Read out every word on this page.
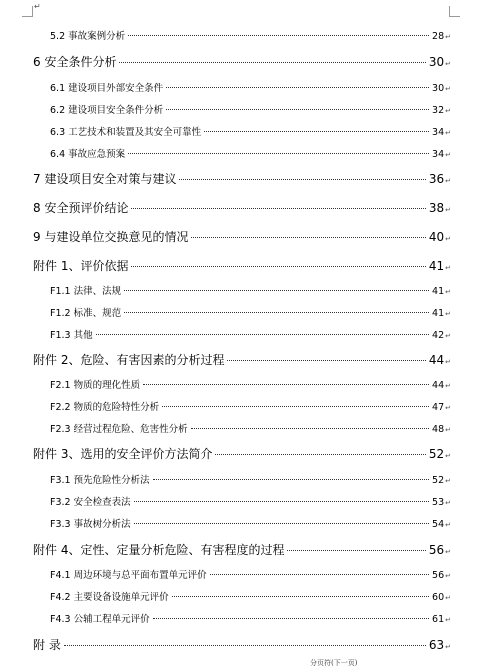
↵
5.2 事故案例分析	28 ↵
6 安全条件分析	30 ↵
6.1 建设项目外部安全条件	30 ↵
6.2 建设项目安全条件分析	32 ↵
6.3 工艺技术和装置及其安全可靠性	34 ↵
6.4 事故应急预案	34 ↵
7 建设项目安全对策与建议	36 ↵
8 安全预评价结论	38 ↵
9 与建设单位交换意见的情况	40 ↵
附件 1、评价依据	41 ↵
F1.1 法律、法规	41 ↵
F1.2 标准、规范	41 ↵
F1.3 其他	42 ↵
附件 2、危险、有害因素的分析过程	44 ↵
F2.1 物质的理化性质	44 ↵
F2.2 物质的危险特性分析	47 ↵
F2.3 经营过程危险、危害性分析	48 ↵
附件 3、选用的安全评价方法简介	52 ↵
F3.1 预先危险性分析法	52 ↵
F3.2 安全检查表法	53 ↵
F3.3 事故树分析法	54 ↵
附件 4、定性、定量分析危险、有害程度的过程	56 ↵
F4.1 周边环境与总平面布置单元评价	56 ↵
F4.2 主要设备设施单元评价	60 ↵
F4.3 公辅工程单元评价	61 ↵
附 录	63 ↵
分页符(下一页)
